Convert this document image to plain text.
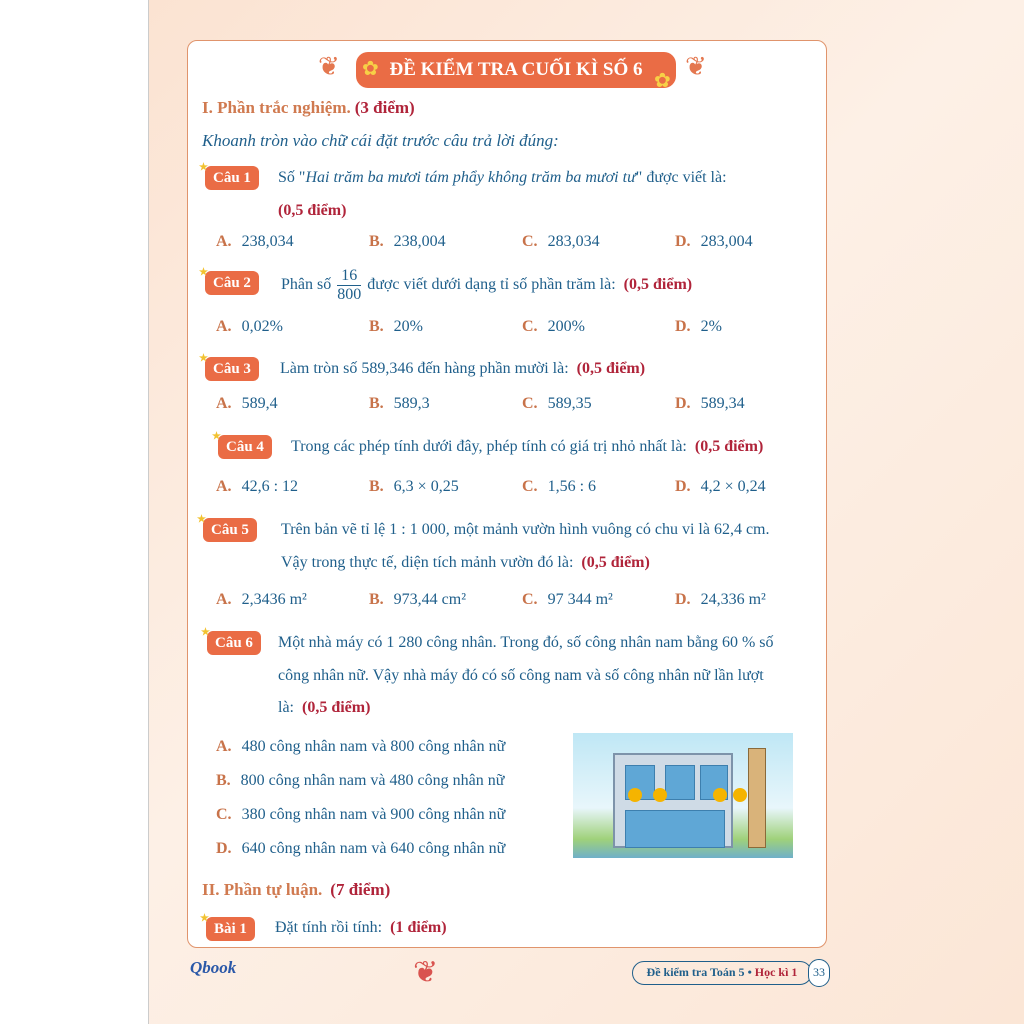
❦	❦
ĐỀ KIỂM TRA CUỐI KÌ SỐ 6
✿
✿
I. Phần trắc nghiệm. (3 điểm)
Khoanh tròn vào chữ cái đặt trước câu trả lời đúng:
★ Câu 1	Số "Hai trăm ba mươi tám phẩy không trăm ba mươi tư" được viết là:
(0,5 điểm)
A. 238,034	B. 238,004	C. 283,034	D. 283,004
★ Câu 2	Phân số $\frac{16}{800}$ được viết dưới dạng tỉ số phần trăm là: (0,5 điểm)
A. 0,02%	B. 20%	C. 200%	D. 2%
★ Câu 3	Làm tròn số 589,346 đến hàng phần mười là: (0,5 điểm)
A. 589,4	B. 589,3	C. 589,35	D. 589,34
★ Câu 4	Trong các phép tính dưới đây, phép tính có giá trị nhỏ nhất là: (0,5 điểm)
A. 42,6 : 12	B. 6,3 × 0,25	C. 1,56 : 6	D. 4,2 × 0,24
★ Câu 5	Trên bản vẽ tỉ lệ 1 : 1 000, một mảnh vườn hình vuông có chu vi là 62,4 cm.
Vậy trong thực tế, diện tích mảnh vườn đó là: (0,5 điểm)
A. 2,3436 m²	B. 973,44 cm²	C. 97 344 m²	D. 24,336 m²
★ Câu 6	Một nhà máy có 1 280 công nhân. Trong đó, số công nhân nam bằng 60 % số
công nhân nữ. Vậy nhà máy đó có số công nam và số công nhân nữ lần lượt
là: (0,5 điểm)
A. 480 công nhân nam và 800 công nhân nữ
B. 800 công nhân nam và 480 công nhân nữ
C. 380 công nhân nam và 900 công nhân nữ
D. 640 công nhân nam và 640 công nhân nữ
II. Phần tự luận. (7 điểm)
★ Bài 1	Đặt tính rồi tính: (1 điểm)
Qbook	❦	Đề kiểm tra Toán 5 • Học kì 1	33
